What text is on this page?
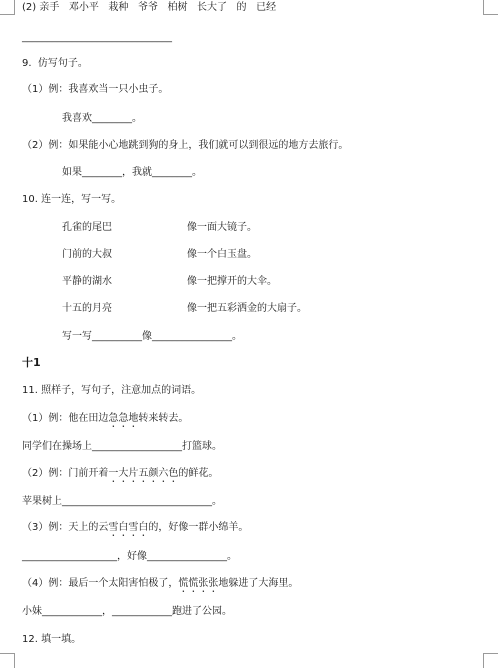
(2) 亲手   邓小平   栽种   爷爷   柏树   长大了   的   已经
______________________________
9.  仿写句子。
（1）例：我喜欢当一只小虫子。
我喜欢________。
（2）例：如果能小心地跳到狗的身上，我们就可以到很远的地方去旅行。
如果________，我就________。
10. 连一连，写一写。
孔雀的尾巴	像一面大镜子。
门前的大叔	像一个白玉盘。
平静的湖水	像一把撑开的大伞。
十五的月亮	像一把五彩洒金的大扇子。
写一写__________像________________。
十1
11. 照样子，写句子，注意加点的词语。
（1）例：他在田边急急地转来转去。
同学们在操场上__________________打篮球。
（2）例：门前开着一大片五颜六色的鲜花。
苹果树上______________________________。
（3）例：天上的云雪白雪白的，好像一群小绵羊。
___________________，好像________________。
（4）例：最后一个太阳害怕极了，慌慌张张地躲进了大海里。
小妹____________，____________跑进了公园。
12. 填一填。
